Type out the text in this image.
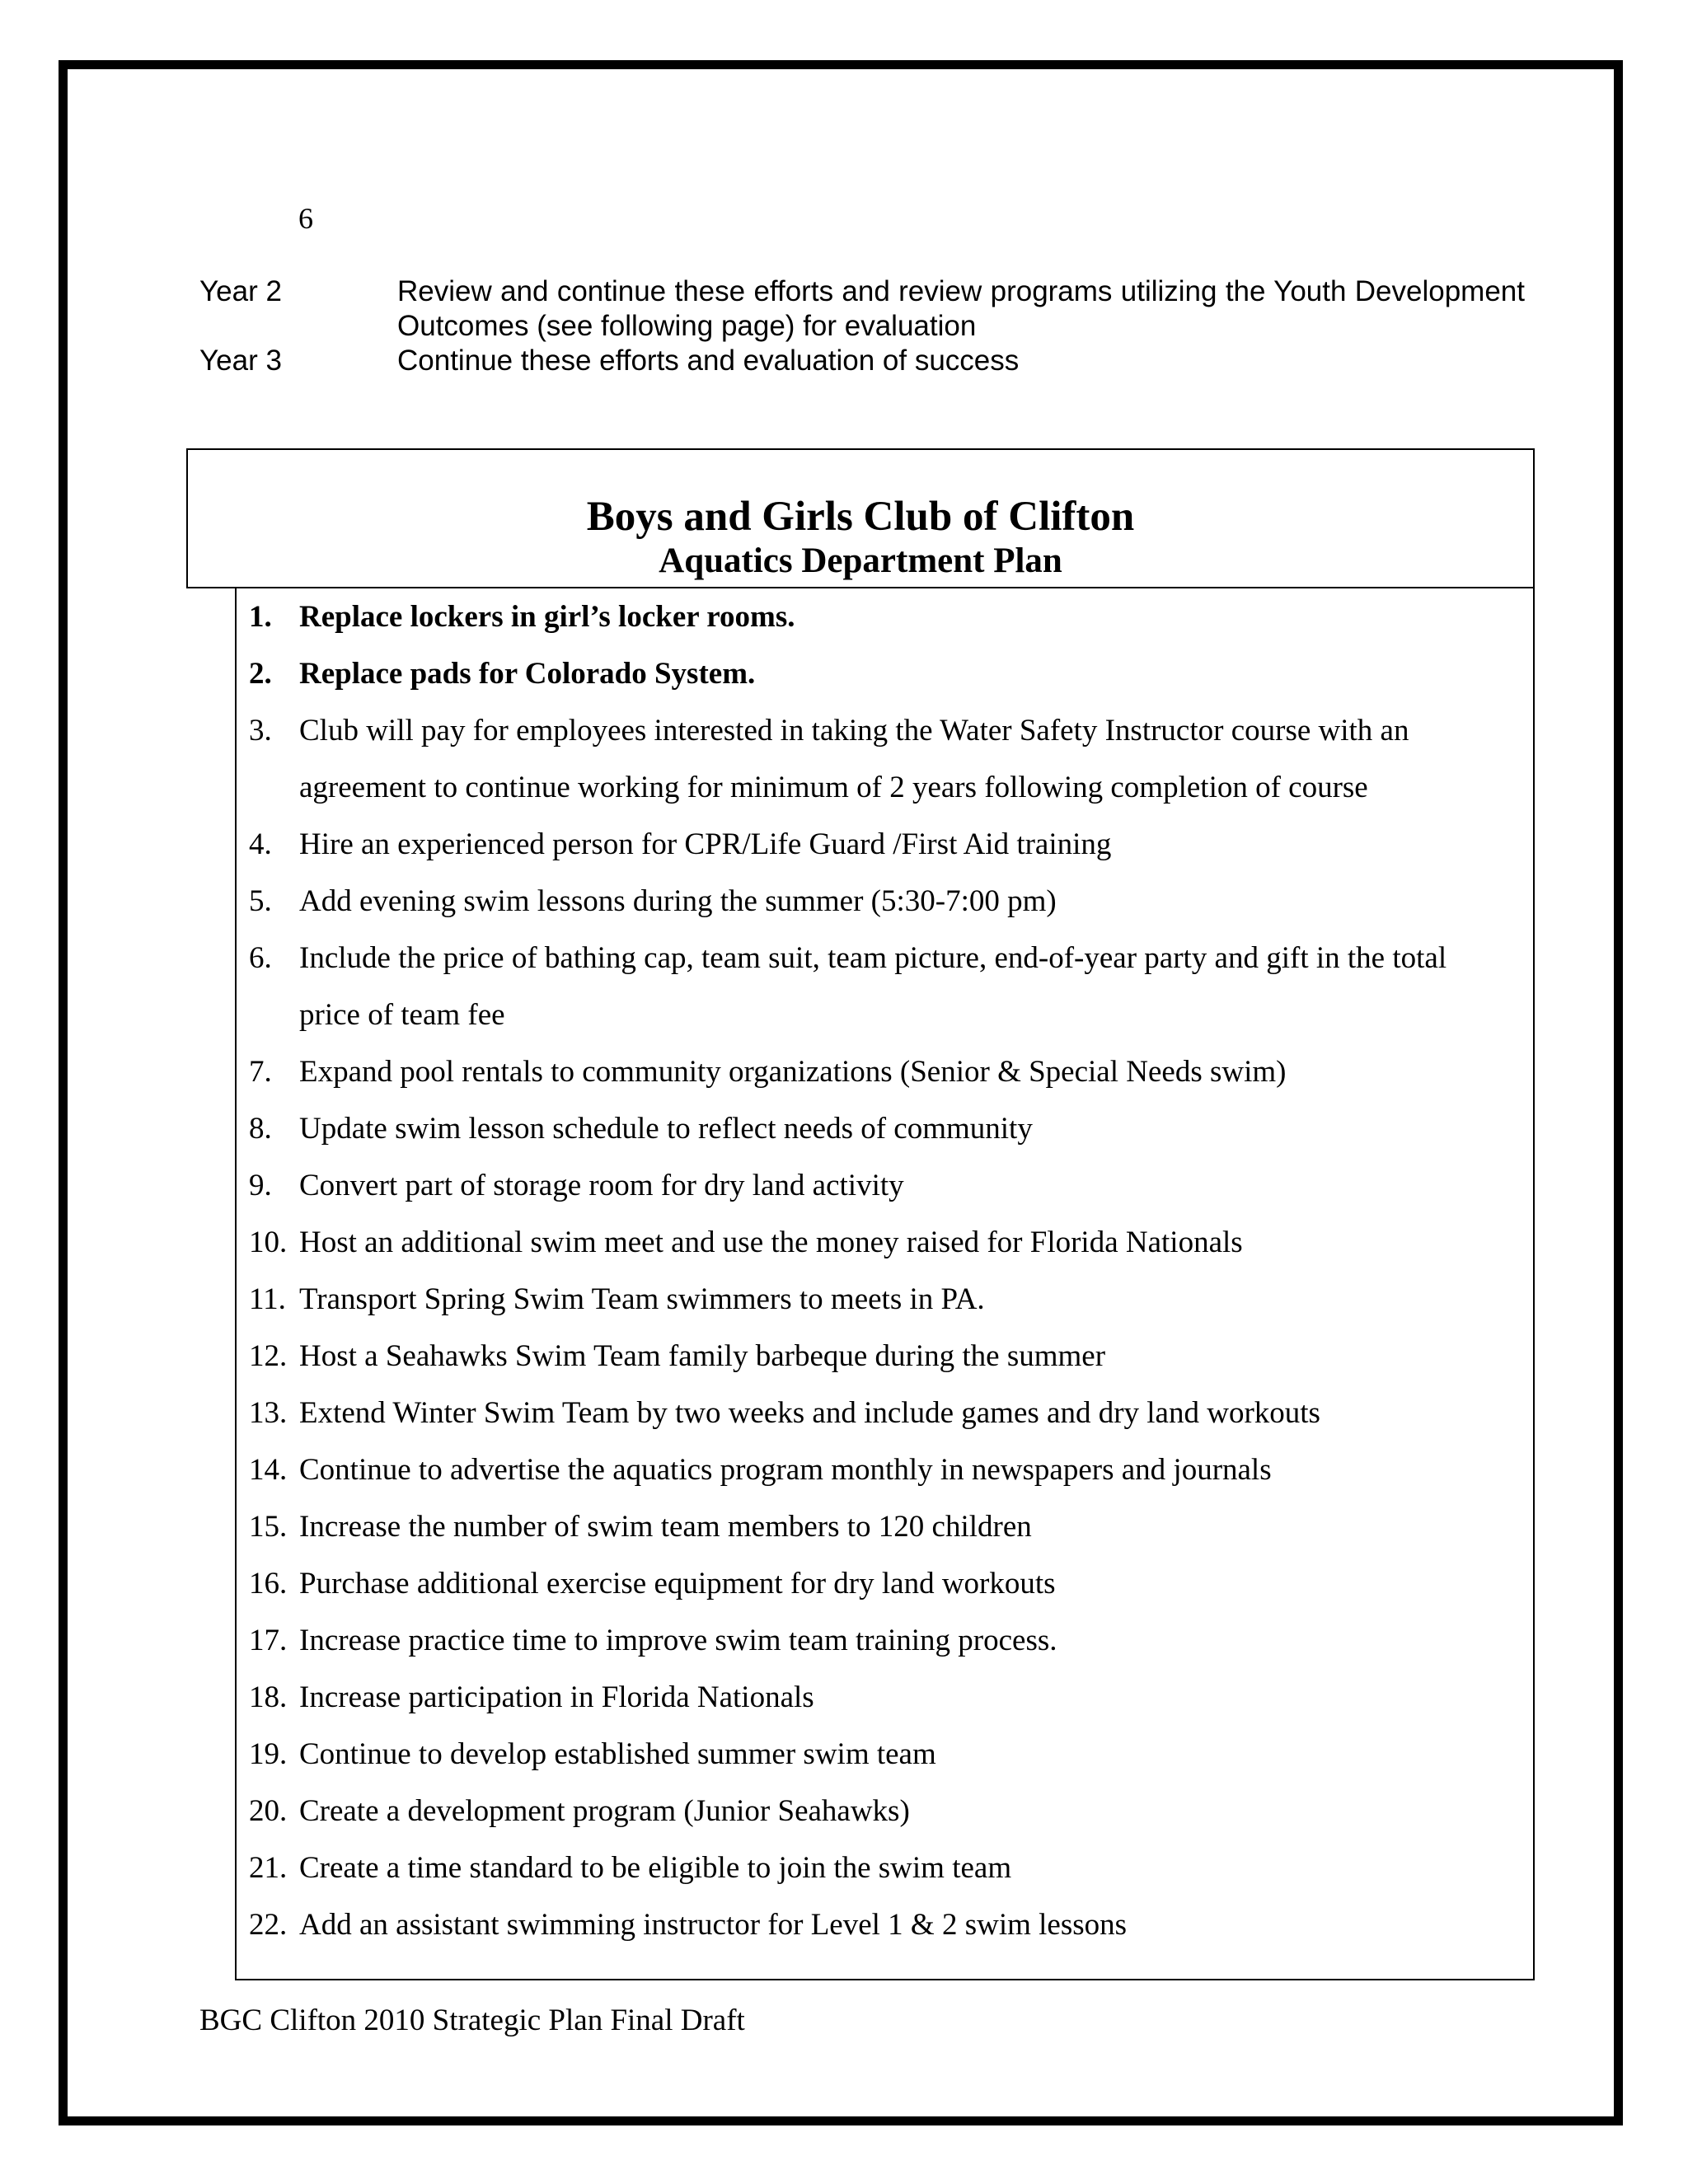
6

Year 2	Review and continue these efforts and review programs utilizing the Youth Development Outcomes (see following page) for evaluation
Year 3	Continue these efforts and evaluation of success

Boys and Girls Club of Clifton

Aquatics Department Plan

1. Replace lockers in girl’s locker rooms.
2. Replace pads for Colorado System.
3. Club will pay for employees interested in taking the Water Safety Instructor course with an agreement to continue working for minimum of 2 years following completion of course
4. Hire an experienced person for CPR/Life Guard /First Aid training
5. Add evening swim lessons during the summer (5:30-7:00 pm)
6. Include the price of bathing cap, team suit, team picture, end-of-year party and gift in the total price of team fee
7. Expand pool rentals to community organizations (Senior & Special Needs swim)
8. Update swim lesson schedule to reflect needs of community
9. Convert part of storage room for dry land activity
10. Host an additional swim meet and use the money raised for Florida Nationals
11. Transport Spring Swim Team swimmers to meets in PA.
12. Host a Seahawks Swim Team family barbeque during the summer
13. Extend Winter Swim Team by two weeks and include games and dry land workouts
14. Continue to advertise the aquatics program monthly in newspapers and journals
15. Increase the number of swim team members to 120 children
16. Purchase additional exercise equipment for dry land workouts
17. Increase practice time to improve swim team training process.
18. Increase participation in Florida Nationals
19. Continue to develop established summer swim team
20. Create a development program (Junior Seahawks)
21. Create a time standard to be eligible to join the swim team
22. Add an assistant swimming instructor for Level 1 & 2 swim lessons

BGC Clifton 2010 Strategic Plan Final Draft
